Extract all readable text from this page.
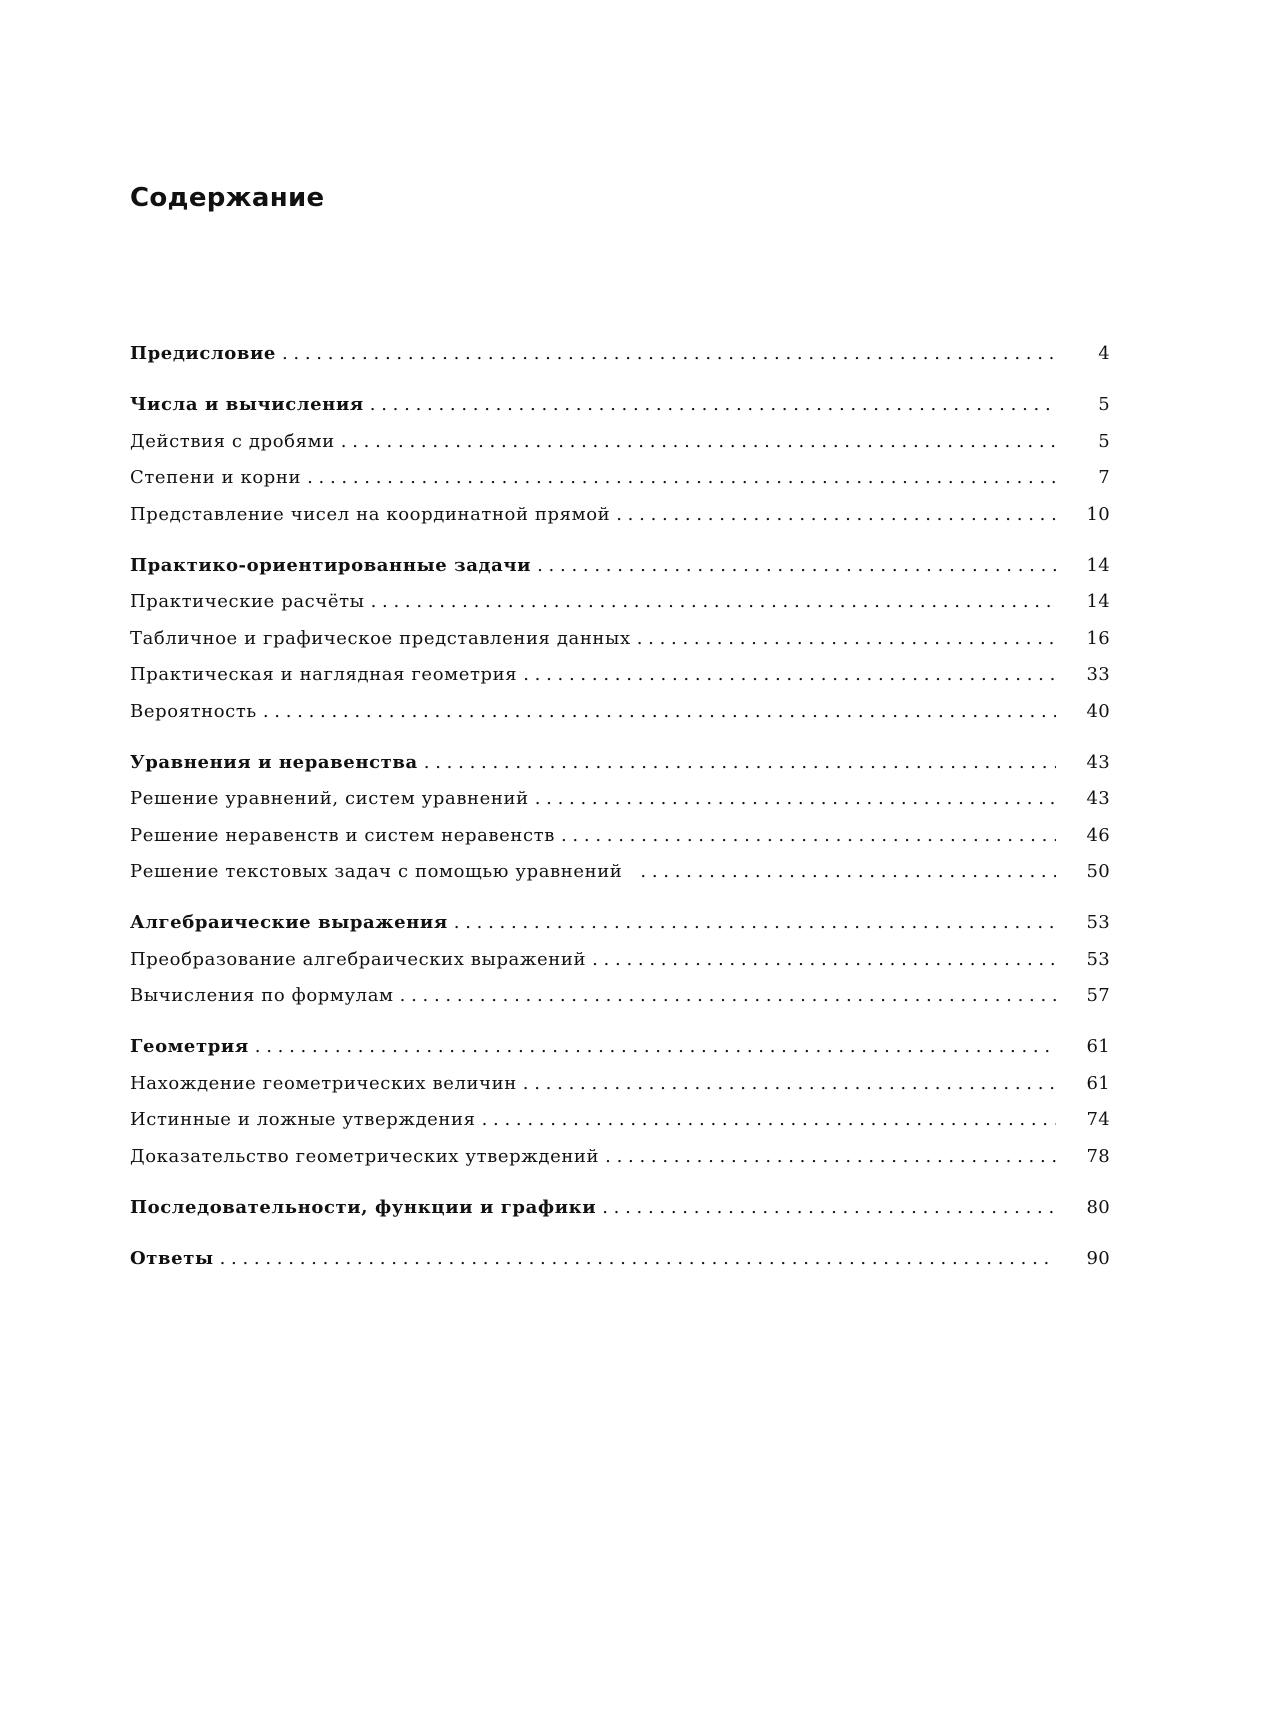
Содержание
Предисловие . . .	4
Числа и вычисления . . .	5
Действия с дробями . . .	5
Степени и корни . . .	7
Представление чисел на координатной прямой . . .	10
Практико-ориентированные задачи . . .	14
Практические расчёты . . .	14
Табличное и графическое представления данных . . .	16
Практическая и наглядная геометрия . . .	33
Вероятность . . .	40
Уравнения и неравенства . . .	43
Решение уравнений, систем уравнений . . .	43
Решение неравенств и систем неравенств . . .	46
Решение текстовых задач с помощью уравнений . . .	50
Алгебраические выражения . . .	53
Преобразование алгебраических выражений . . .	53
Вычисления по формулам . . .	57
Геометрия . . .	61
Нахождение геометрических величин . . .	61
Истинные и ложные утверждения . . .	74
Доказательство геометрических утверждений . . .	78
Последовательности, функции и графики . . .	80
Ответы . . .	90
